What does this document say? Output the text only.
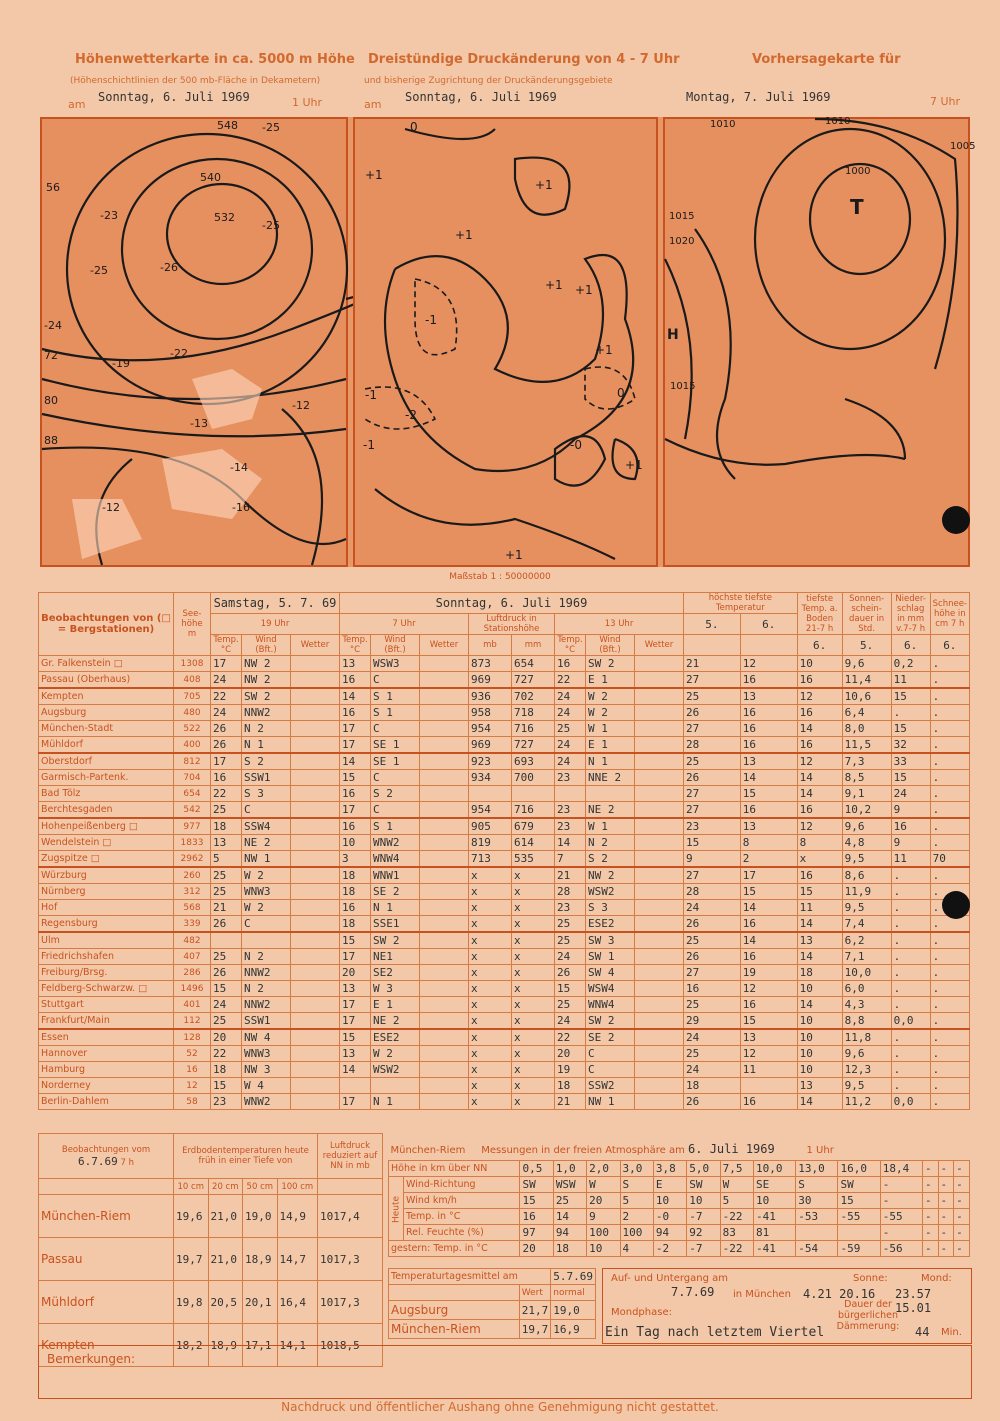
Höhenwetterkarte in ca. 5000 m Höhe
(Höhenschichtlinien der 500 mb-Fläche in Dekametern)
am
Sonntag, 6. Juli 1969	1 Uhr
Dreistündige Druckänderung von 4 - 7 Uhr
und bisherige Zugrichtung der Druckänderungsgebiete
am
Sonntag, 6. Juli 1969
Vorhersagekarte für
Montag, 7. Juli 1969	7 Uhr
548 -25
540
532
-25
-23
-26
-25
-19
-22
-13
-12
-14
-16
-12
56
72
80
88
-24
0
+1
+1
+1
+1
+1
-1
-2
-1
+1
+1
-1
0
-0
+1
1010
1015
1020
1005
1000
T
H
1010
1015
Maßstab 1 : 50000000
Beobachtungen von (□ = Bergstationen)	See-höhe m	Samstag, 5. 7. 69			Sonntag, 6. Juli 1969								höchste tiefste Temperatur		tiefste Temp. a. Boden 21-7 h	Sonnen-schein-dauer in Std.	Nieder-schlag in mm v.7-7 h	Schnee-höhe in cm 7 h
		19 Uhr			7 Uhr			Luftdruck in Stationshöhe		13 Uhr			5.	6.				
		Temp. °C	Wind (Bft.)	Wetter	Temp. °C	Wind (Bft.)	Wetter	mb	mm	Temp. °C	Wind (Bft.)	Wetter			6.	5.	6.	6.
Gr. Falkenstein □	1308	17	NW 2		13	WSW3		873	654	16	SW 2		21	12	10	9,6	0,2	.
Passau (Oberhaus)	408	24	NW 2		16	C		969	727	22	E 1		27	16	16	11,4	11	.
Kempten	705	22	SW 2		14	S 1		936	702	24	W 2		25	13	12	10,6	15	.
Augsburg	480	24	NNW2		16	S 1		958	718	24	W 2		26	16	16	6,4	.	.
München-Stadt	522	26	N 2		17	C		954	716	25	W 1		27	16	14	8,0	15	.
Mühldorf	400	26	N 1		17	SE 1		969	727	24	E 1		28	16	16	11,5	32	.
Oberstdorf	812	17	S 2		14	SE 1		923	693	24	N 1		25	13	12	7,3	33	.
Garmisch-Partenk.	704	16	SSW1		15	C		934	700	23	NNE 2		26	14	14	8,5	15	.
Bad Tölz	654	22	S 3		16	S 2							27	15	14	9,1	24	.
Berchtesgaden	542	25	C		17	C		954	716	23	NE 2		27	16	16	10,2	9	.
Hohenpeißenberg □	977	18	SSW4		16	S 1		905	679	23	W 1		23	13	12	9,6	16	.
Wendelstein □	1833	13	NE 2		10	WNW2		819	614	14	N 2		15	8	8	4,8	9	.
Zugspitze □	2962	5	NW 1		3	WNW4		713	535	7	S 2		9	2	x	9,5	11	70
Würzburg	260	25	W 2		18	WNW1		x	x	21	NW 2		27	17	16	8,6	.	.
Nürnberg	312	25	WNW3		18	SE 2		x	x	28	WSW2		28	15	15	11,9	.	.
Hof	568	21	W 2		16	N 1		x	x	23	S 3		24	14	11	9,5	.	.
Regensburg	339	26	C		18	SSE1		x	x	25	ESE2		26	16	14	7,4	.	.
Ulm	482				15	SW 2		x	x	25	SW 3		25	14	13	6,2	.	.
Friedrichshafen	407	25	N 2		17	NE1		x	x	24	SW 1		26	16	14	7,1	.	.
Freiburg/Brsg.	286	26	NNW2		20	SE2		x	x	26	SW 4		27	19	18	10,0	.	.
Feldberg-Schwarzw. □	1496	15	N 2		13	W 3		x	x	15	WSW4		16	12	10	6,0	.	.
Stuttgart	401	24	NNW2		17	E 1		x	x	25	WNW4		25	16	14	4,3	.	.
Frankfurt/Main	112	25	SSW1		17	NE 2		x	x	24	SW 2		29	15	10	8,8	0,0	.
Essen	128	20	NW 4		15	ESE2		x	x	22	SE 2		24	13	10	11,8	.	.
Hannover	52	22	WNW3		13	W 2		x	x	20	C		25	12	10	9,6	.	.
Hamburg	16	18	NW 3		14	WSW2		x	x	19	C		24	11	10	12,3	.	.
Norderney	12	15	W 4					x	x	18	SSW2		18		13	9,5	.	.
Berlin-Dahlem	58	23	WNW2		17	N 1		x	x	21	NW 1		26	16	14	11,2	0,0	.
Beobachtungen vom
6.7.69 7 h	Erdbodentemperaturen heute früh in einer Tiefe von				Luftdruck reduziert auf NN in mb
	10 cm	20 cm	50 cm	100 cm	
München-Riem	19,6	21,0	19,0	14,9	1017,4
Passau	19,7	21,0	18,9	14,7	1017,3
Mühldorf	19,8	20,5	20,1	16,4	1017,3
Kempten	18,2	18,9	17,1	14,1	1018,5
München-Riem Messungen in der freien Atmosphäre am 6. Juli 1969 1 Uhr															
Höhe in km über NN		0,5	1,0	2,0	3,0	3,8	5,0	7,5	10,0	13,0	16,0	18,4	-	-	-
Heute	Wind-Richtung	SW	WSW	W	S	E	SW	W	SE	S	SW	-	-	-	-
	Wind km/h	15	25	20	5	10	10	5	10	30	15	-	-	-	-
	Temp. in °C	16	14	9	2	-0	-7	-22	-41	-53	-55	-55	-	-	-
	Rel. Feuchte (%)	97	94	100	100	94	92	83	81			-	-	-	-
gestern: Temp. in °C		20	18	10	4	-2	-7	-22	-41	-54	-59	-56	-	-	-
Temperaturtagesmittel am		5.7.69
	Wert	normal
Augsburg	21,7	19,0
München-Riem	19,7	16,9
Auf- und Untergang am
7.7.69 in München
Sonne:	Mond:
4.21 20.16 23.57 15.01
Mondphase:
Ein Tag nach letztem Viertel
Dauer der bürgerlichen Dämmerung:	44 Min.
Bemerkungen:
Nachdruck und öffentlicher Aushang ohne Genehmigung nicht gestattet.
